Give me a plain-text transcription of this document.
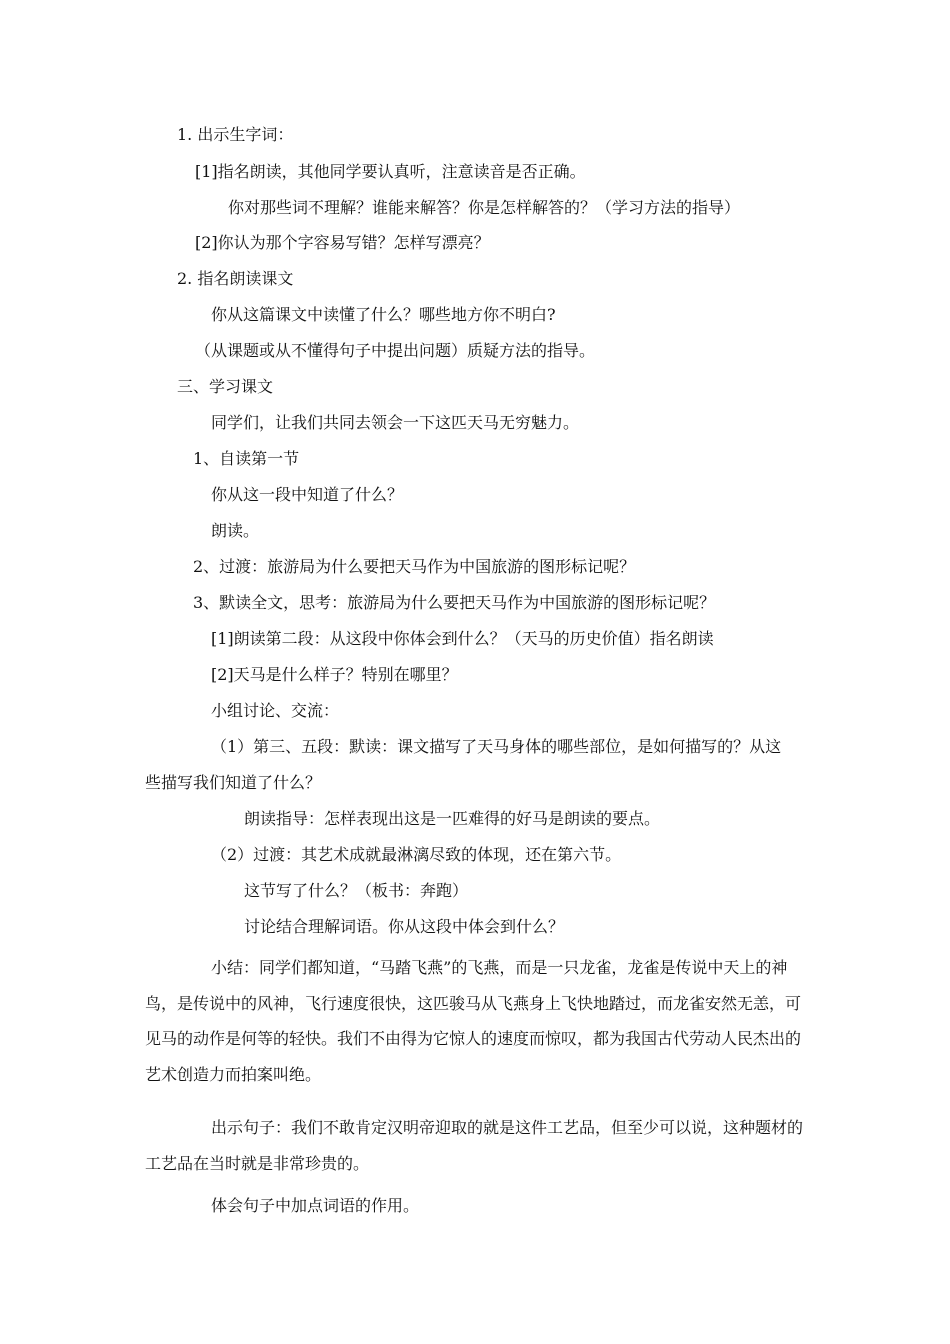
1. 出示生字词：
[1]指名朗读，其他同学要认真听，注意读音是否正确。
你对那些词不理解？谁能来解答？你是怎样解答的？（学习方法的指导）
[2]你认为那个字容易写错？怎样写漂亮？
2. 指名朗读课文
你从这篇课文中读懂了什么？哪些地方你不明白?
（从课题或从不懂得句子中提出问题）质疑方法的指导。
三、学习课文
同学们，让我们共同去领会一下这匹天马无穷魅力。
1、自读第一节
你从这一段中知道了什么？
朗读。
2、过渡：旅游局为什么要把天马作为中国旅游的图形标记呢？
3、默读全文，思考：旅游局为什么要把天马作为中国旅游的图形标记呢？
[1]朗读第二段：从这段中你体会到什么？（天马的历史价值）指名朗读
[2]天马是什么样子？特别在哪里？
小组讨论、交流：
（1）第三、五段：默读：课文描写了天马身体的哪些部位，是如何描写的？从这
些描写我们知道了什么？
朗读指导：怎样表现出这是一匹难得的好马是朗读的要点。
（2）过渡：其艺术成就最淋漓尽致的体现，还在第六节。
这节写了什么？（板书：奔跑）
讨论结合理解词语。你从这段中体会到什么？
小结：同学们都知道，“马踏飞燕”的飞燕，而是一只龙雀，龙雀是传说中天上的神鸟，是传说中的风神，飞行速度很快，这匹骏马从飞燕身上飞快地踏过，而龙雀安然无恙，可见马的动作是何等的轻快。我们不由得为它惊人的速度而惊叹，都为我国古代劳动人民杰出的艺术创造力而拍案叫绝。
出示句子：我们不敢肯定汉明帝迎取的就是这件工艺品，但至少可以说，这种题材的工艺品在当时就是非常珍贵的。
体会句子中加点词语的作用。
